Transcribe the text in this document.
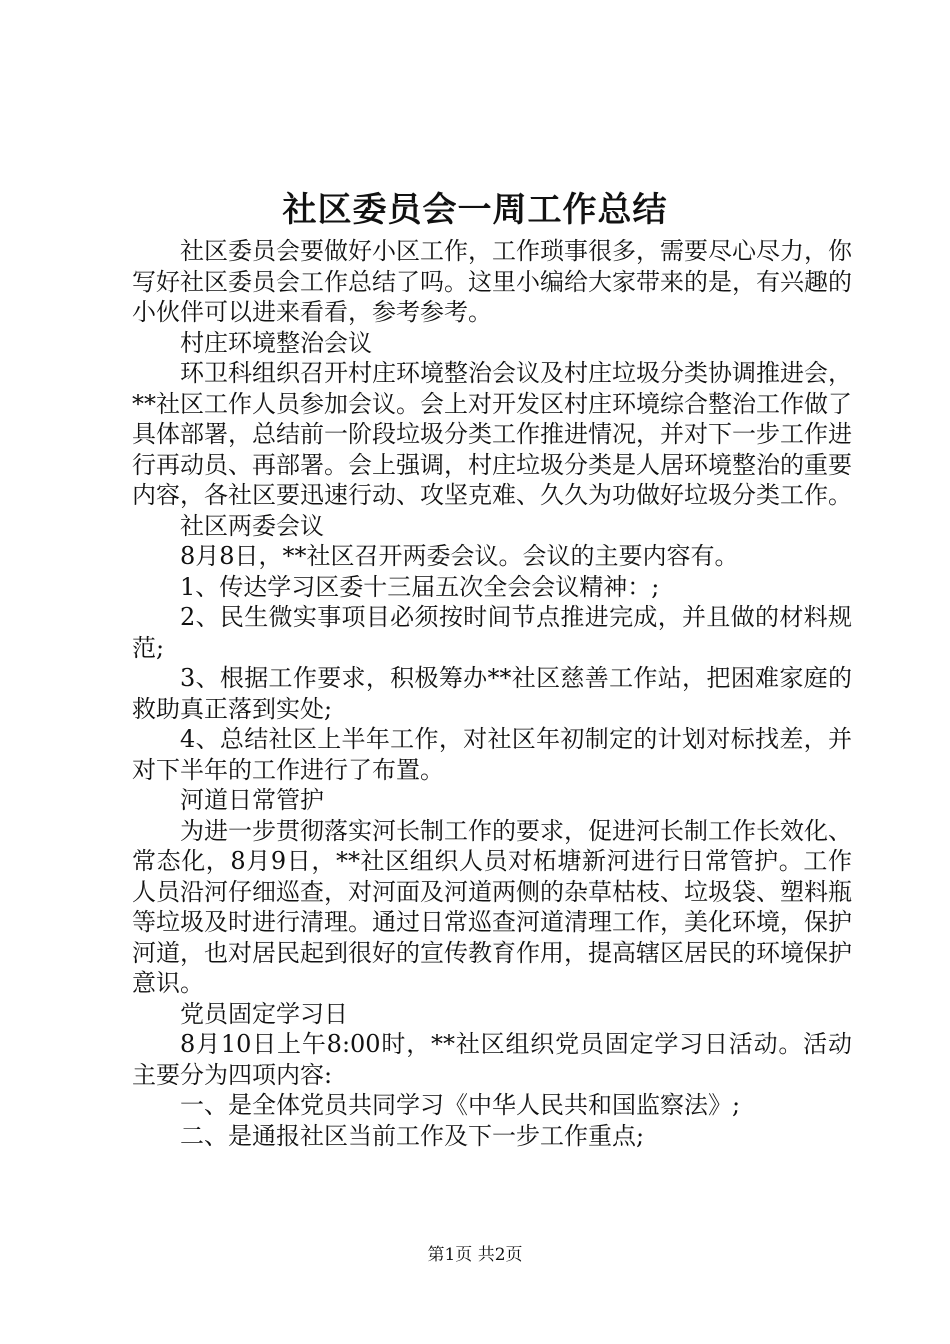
社区委员会一周工作总结

社区委员会要做好小区工作，工作琐事很多，需要尽心尽力，你写好社区委员会工作总结了吗。这里小编给大家带来的是，有兴趣的小伙伴可以进来看看，参考参考。

村庄环境整治会议

环卫科组织召开村庄环境整治会议及村庄垃圾分类协调推进会，**社区工作人员参加会议。会上对开发区村庄环境综合整治工作做了具体部署，总结前一阶段垃圾分类工作推进情况，并对下一步工作进行再动员、再部署。会上强调，村庄垃圾分类是人居环境整治的重要内容，各社区要迅速行动、攻坚克难、久久为功做好垃圾分类工作。

社区两委会议

8月8日，**社区召开两委会议。会议的主要内容有。

1、传达学习区委十三届五次全会会议精神：;

2、民生微实事项目必须按时间节点推进完成，并且做的材料规范;

3、根据工作要求，积极筹办**社区慈善工作站，把困难家庭的救助真正落到实处;

4、总结社区上半年工作，对社区年初制定的计划对标找差，并对下半年的工作进行了布置。

河道日常管护

为进一步贯彻落实河长制工作的要求，促进河长制工作长效化、常态化，8月9日，**社区组织人员对柘塘新河进行日常管护。工作人员沿河仔细巡查，对河面及河道两侧的杂草枯枝、垃圾袋、塑料瓶等垃圾及时进行清理。通过日常巡查河道清理工作，美化环境，保护河道，也对居民起到很好的宣传教育作用，提高辖区居民的环境保护意识。

党员固定学习日

8月10日上午8:00时，**社区组织党员固定学习日活动。活动主要分为四项内容:

一、是全体党员共同学习《中华人民共和国监察法》;

二、是通报社区当前工作及下一步工作重点;

第1页 共2页
